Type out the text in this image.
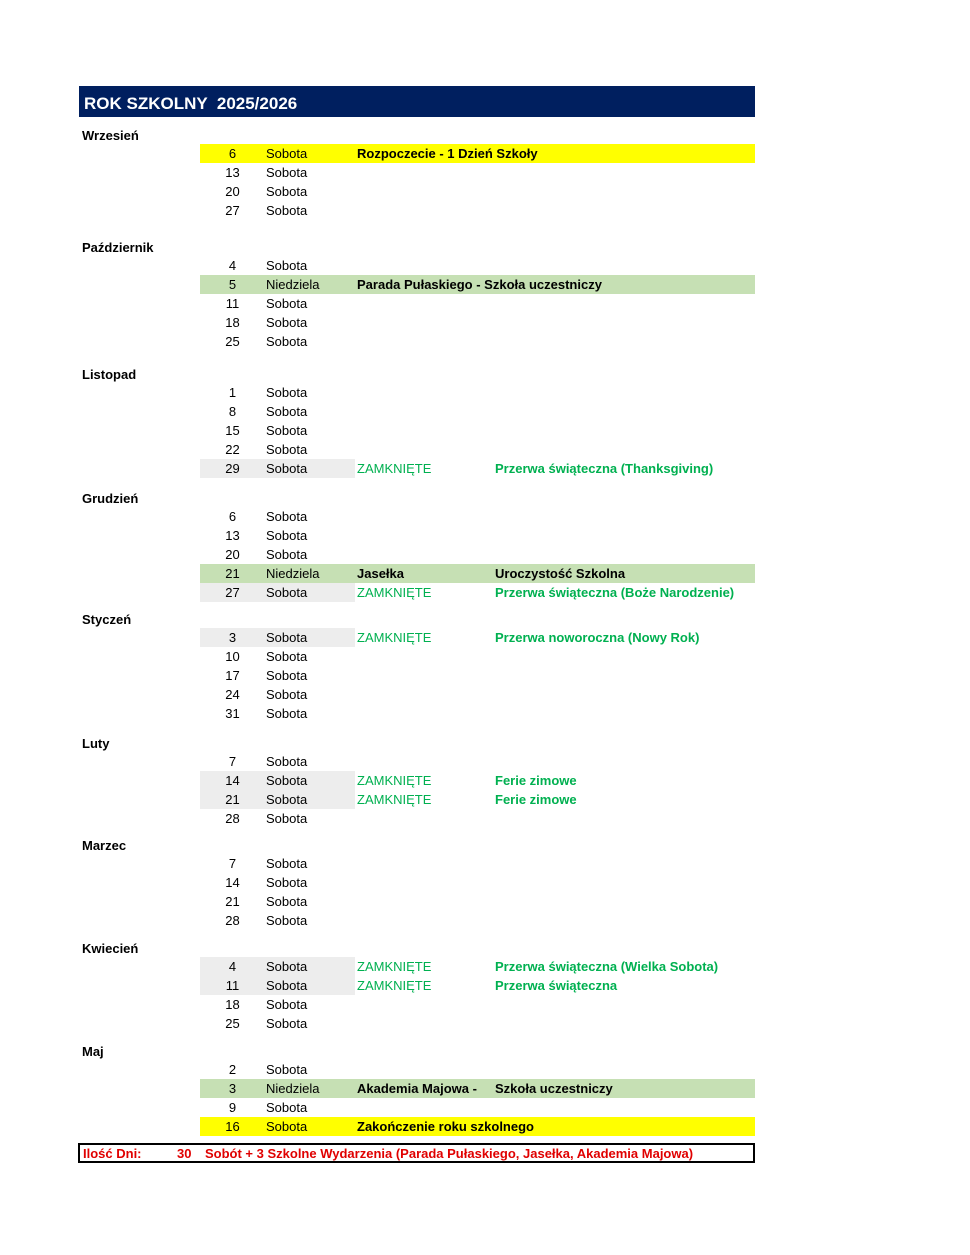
ROK SZKOLNY  2025/2026
Wrzesień
6	Sobota	Rozpoczecie - 1 Dzień Szkoły
13	Sobota
20	Sobota
27	Sobota
Październik
4	Sobota
5	Niedziela	Parada Pułaskiego - Szkoła uczestniczy
11	Sobota
18	Sobota
25	Sobota
Listopad
1	Sobota
8	Sobota
15	Sobota
22	Sobota
29	Sobota	ZAMKNIĘTE	Przerwa świąteczna (Thanksgiving)
Grudzień
6	Sobota
13	Sobota
20	Sobota
21	Niedziela	Jasełka	Uroczystość Szkolna
27	Sobota	ZAMKNIĘTE	Przerwa świąteczna (Boże Narodzenie)
Styczeń
3	Sobota	ZAMKNIĘTE	Przerwa noworoczna (Nowy Rok)
10	Sobota
17	Sobota
24	Sobota
31	Sobota
Luty
7	Sobota
14	Sobota	ZAMKNIĘTE	Ferie zimowe
21	Sobota	ZAMKNIĘTE	Ferie zimowe
28	Sobota
Marzec
7	Sobota
14	Sobota
21	Sobota
28	Sobota
Kwiecień
4	Sobota	ZAMKNIĘTE	Przerwa świąteczna (Wielka Sobota)
11	Sobota	ZAMKNIĘTE	Przerwa świąteczna
18	Sobota
25	Sobota
Maj
2	Sobota
3	Niedziela	Akademia Majowa - Szkoła uczestniczy
9	Sobota
16	Sobota	Zakończenie roku szkolnego
Ilość Dni:	30 Sobót + 3 Szkolne Wydarzenia (Parada Pułaskiego, Jasełka, Akademia Majowa)
